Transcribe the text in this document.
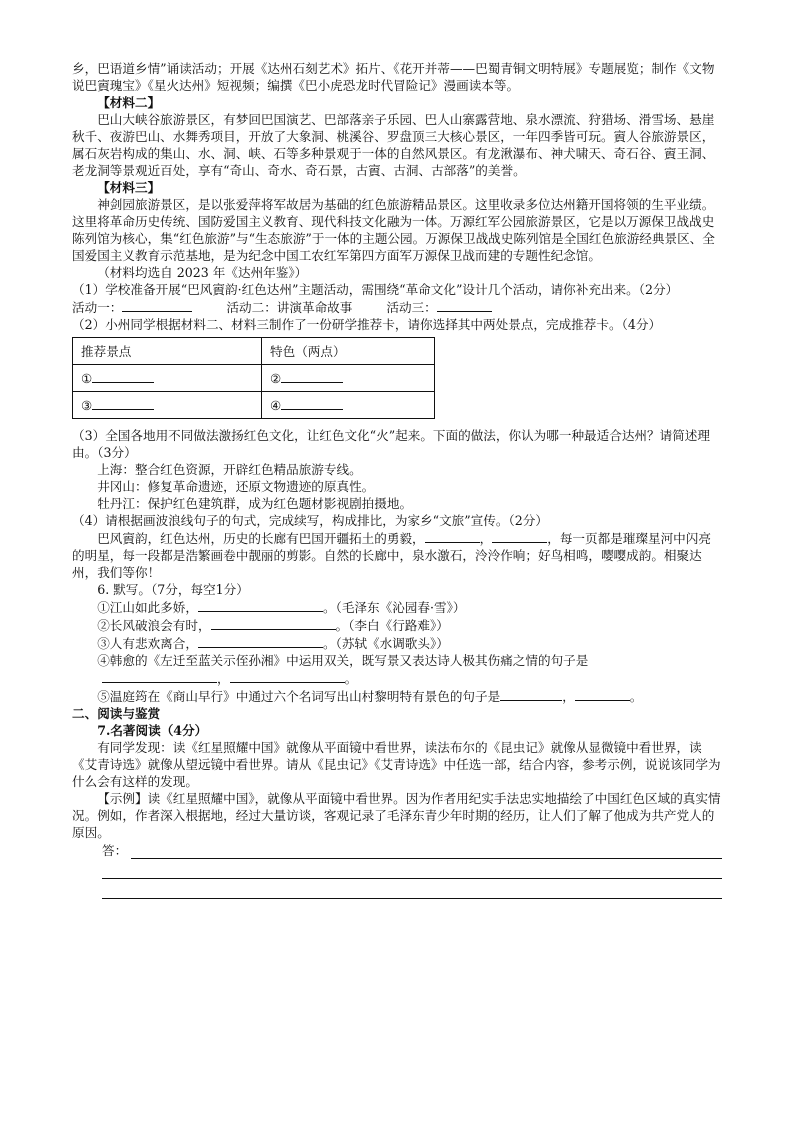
乡，巴语道乡情”诵读活动；开展《达州石刻艺术》拓片、《花开并蒂——巴蜀青铜文明特展》专题展览；制作《文物说巴賨瑰宝》《星火达州》短视频；编撰《巴小虎恐龙时代冒险记》漫画读本等。

【材料二】

巴山大峡谷旅游景区，有梦回巴国演艺、巴部落亲子乐园、巴人山寨露营地、泉水漂流、狩猎场、滑雪场、悬崖秋千、夜游巴山、水舞秀项目，开放了大象洞、桃溪谷、罗盘顶三大核心景区，一年四季皆可玩。賨人谷旅游景区，属石灰岩构成的集山、水、洞、峡、石等多种景观于一体的自然风景区。有龙湫瀑布、神犬啸天、奇石谷、賨王洞、老龙洞等景观近百处，享有“奇山、奇水、奇石景，古賨、古洞、古部落”的美誉。

【材料三】

神剑园旅游景区，是以张爱萍将军故居为基础的红色旅游精品景区。这里收录多位达州籍开国将领的生平业绩。这里将革命历史传统、国防爱国主义教育、现代科技文化融为一体。万源红军公园旅游景区，它是以万源保卫战战史陈列馆为核心，集“红色旅游”与“生态旅游”于一体的主题公园。万源保卫战战史陈列馆是全国红色旅游经典景区、全国爱国主义教育示范基地，是为纪念中国工农红军第四方面军万源保卫战而建的专题性纪念馆。

（材料均选自 2023 年《达州年鉴》）

（1）学校准备开展“巴风賨韵·红色达州”主题活动，需围绕“革命文化”设计几个活动，请你补充出来。（2分）

活动一：	活动二：讲演革命故事	活动三：

（2）小州同学根据材料二、材料三制作了一份研学推荐卡，请你选择其中两处景点，完成推荐卡。（4分）

推荐景点	特色（两点）
①	②
③	④

（3）全国各地用不同做法激扬红色文化，让红色文化“火”起来。下面的做法，你认为哪一种最适合达州？请简述理由。（3分）

上海：整合红色资源，开辟红色精品旅游专线。

井冈山：修复革命遗迹，还原文物遗迹的原真性。

牡丹江：保护红色建筑群，成为红色题材影视剧拍摄地。

（4）请根据画波浪线句子的句式，完成续写，构成排比，为家乡“文旅”宣传。（2分）

巴风賨韵，红色达州，历史的长廊有巴国开疆拓土的勇毅，	，	，每一页都是璀璨星河中闪亮的明星，每一段都是浩繁画卷中靓丽的剪影。自然的长廊中，泉水激石，泠泠作响；好鸟相鸣，嘤嘤成韵。相聚达州，我们等你！

6. 默写。（7分，每空1分）

①江山如此多娇，	。（毛泽东《沁园春·雪》）

②长风破浪会有时，	。（李白《行路难》）

③人有悲欢离合，	。（苏轼《水调歌头》）

④韩愈的《左迁至蓝关示侄孙湘》中运用双关，既写景又表达诗人极其伤痛之情的句子是

，	。

⑤温庭筠在《商山早行》中通过六个名词写出山村黎明特有景色的句子是	，	。

二、阅读与鉴赏

7.名著阅读（4分）

有同学发现：读《红星照耀中国》就像从平面镜中看世界，读法布尔的《昆虫记》就像从显微镜中看世界，读《艾青诗选》就像从望远镜中看世界。请从《昆虫记》《艾青诗选》中任选一部，结合内容，参考示例，说说该同学为什么会有这样的发现。

【示例】读《红星照耀中国》，就像从平面镜中看世界。因为作者用纪实手法忠实地描绘了中国红色区域的真实情况。例如，作者深入根据地，经过大量访谈，客观记录了毛泽东青少年时期的经历，让人们了解了他成为共产党人的原因。

答：
